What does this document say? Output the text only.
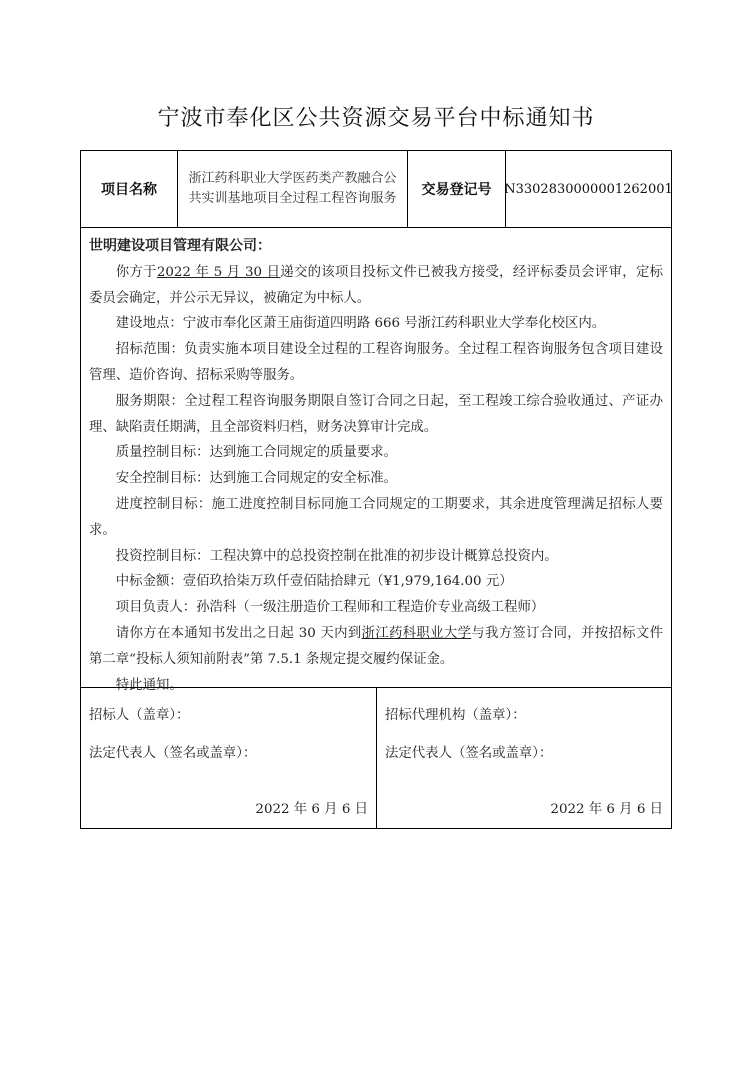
宁波市奉化区公共资源交易平台中标通知书
项目名称
浙江药科职业大学医药类产教融合公共实训基地项目全过程工程咨询服务
交易登记号 N3302830000001262001

世明建设项目管理有限公司：

你方于2022 年 5 月 30 日递交的该项目投标文件已被我方接受，经评标委员会评审，定标委员会确定，并公示无异议，被确定为中标人。

建设地点：宁波市奉化区萧王庙街道四明路 666 号浙江药科职业大学奉化校区内。

招标范围：负责实施本项目建设全过程的工程咨询服务。全过程工程咨询服务包含项目建设管理、造价咨询、招标采购等服务。

服务期限：全过程工程咨询服务期限自签订合同之日起，至工程竣工综合验收通过、产证办理、缺陷责任期满，且全部资料归档，财务决算审计完成。

质量控制目标：达到施工合同规定的质量要求。

安全控制目标：达到施工合同规定的安全标准。

进度控制目标：施工进度控制目标同施工合同规定的工期要求，其余进度管理满足招标人要求。

投资控制目标：工程决算中的总投资控制在批准的初步设计概算总投资内。

中标金额：壹佰玖拾柒万玖仟壹佰陆拾肆元（¥1,979,164.00 元）

项目负责人：孙浩科（一级注册造价工程师和工程造价专业高级工程师）

请你方在本通知书发出之日起 30 天内到浙江药科职业大学与我方签订合同，并按招标文件第二章“投标人须知前附表”第 7.5.1 条规定提交履约保证金。

特此通知。

招标人（盖章）：
法定代表人（签名或盖章）：
2022 年 6 月 6 日
招标代理机构（盖章）：
法定代表人（签名或盖章）：
2022 年 6 月 6 日
